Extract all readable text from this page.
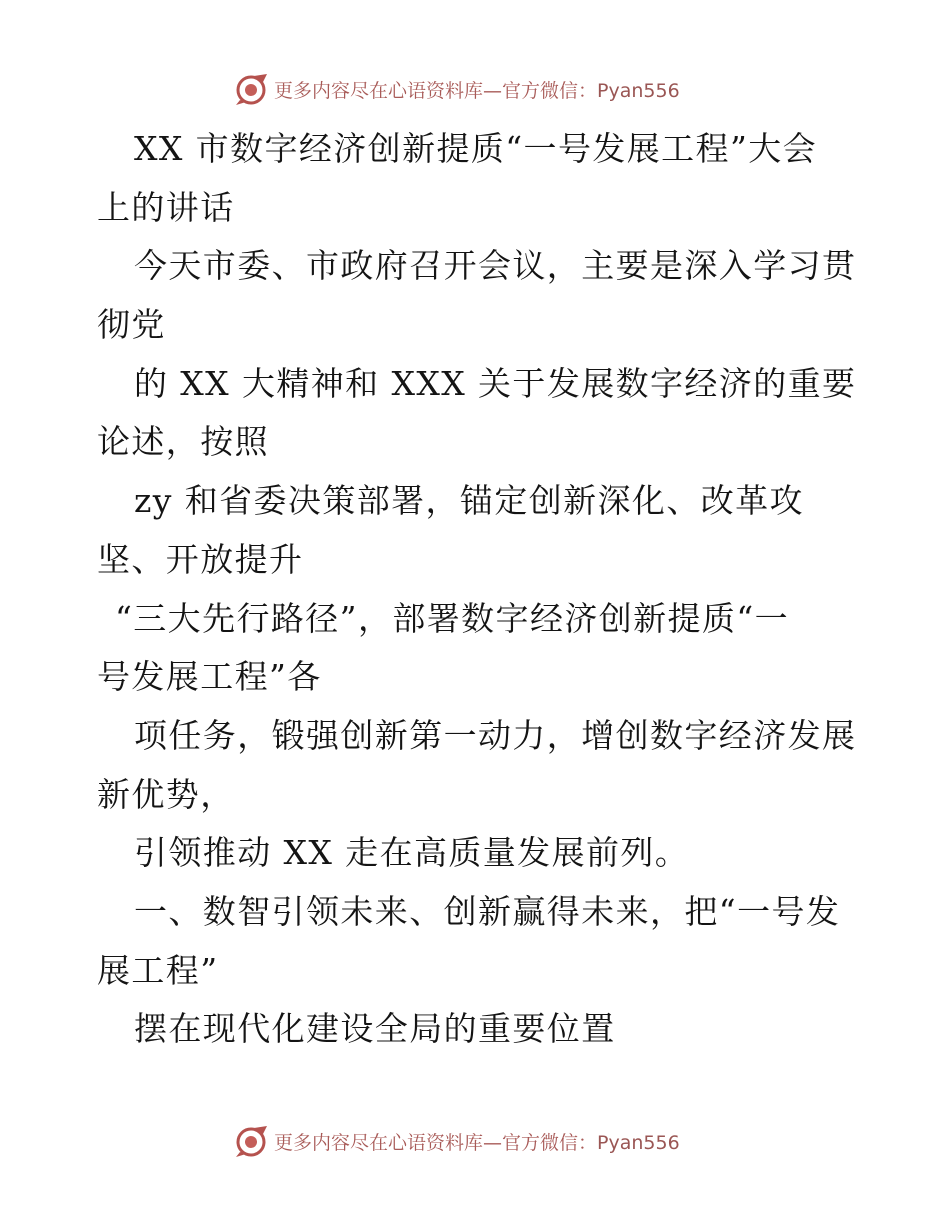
更多内容尽在心语资料库—官方微信：Pyan556
XX 市数字经济创新提质“一号发展工程”大会
上的讲话
今天市委、市政府召开会议，主要是深入学习贯
彻党
的 XX 大精神和 XXX 关于发展数字经济的重要
论述，按照
zy 和省委决策部署，锚定创新深化、改革攻
坚、开放提升
“三大先行路径”，部署数字经济创新提质“一
号发展工程”各
项任务，锻强创新第一动力，增创数字经济发展
新优势，
引领推动 XX 走在高质量发展前列。
一、数智引领未来、创新赢得未来，把“一号发
展工程”
摆在现代化建设全局的重要位置
更多内容尽在心语资料库—官方微信：Pyan556
